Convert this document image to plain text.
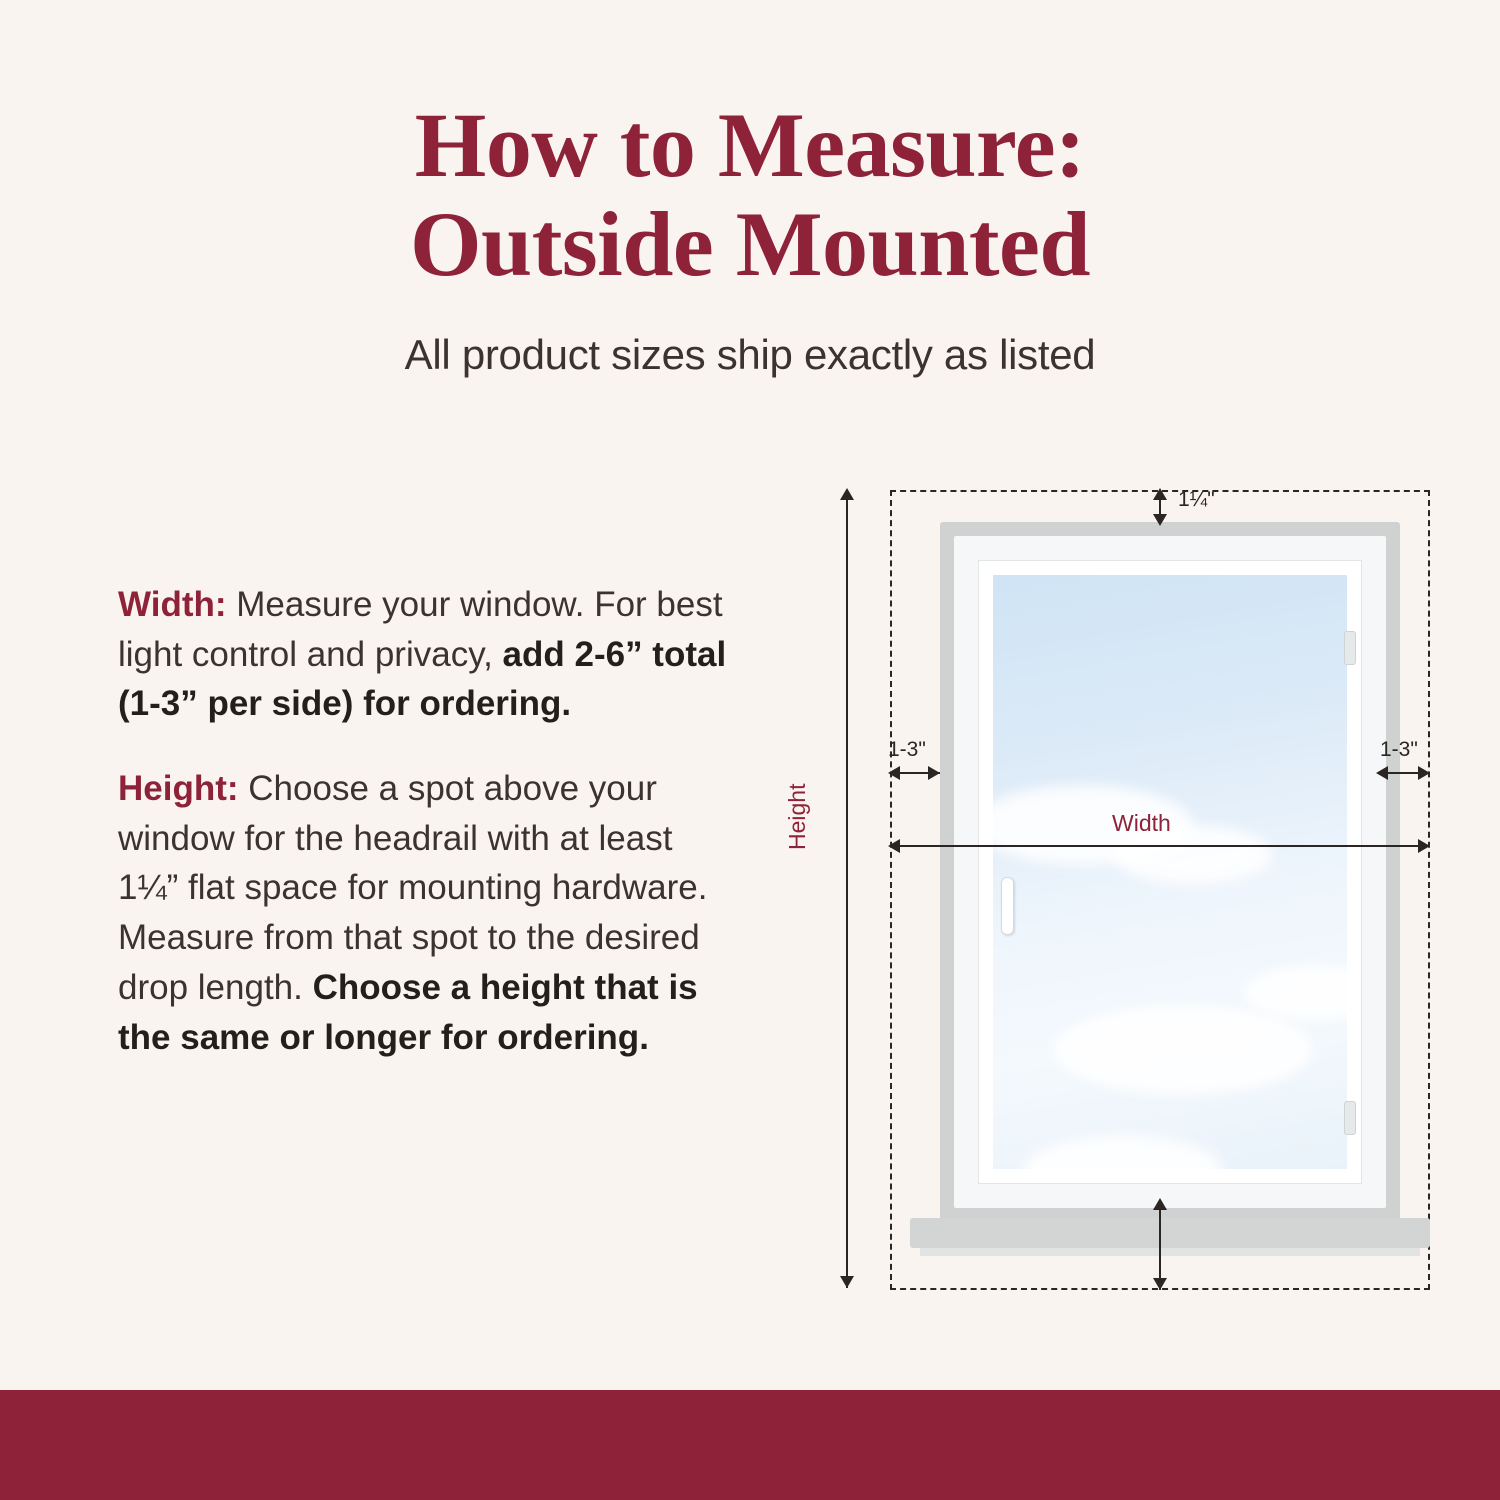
How to Measure:
Outside Mounted
All product sizes ship exactly as listed

Width: Measure your window. For best light control and privacy, add 2-6” total (1-3” per side) for ordering.

Height: Choose a spot above your window for the headrail with at least 1¼” flat space for mounting hardware. Measure from that spot to the desired drop length. Choose a height that is the same or longer for ordering.

1¼"
1-3"	1-3"
Width
Height
